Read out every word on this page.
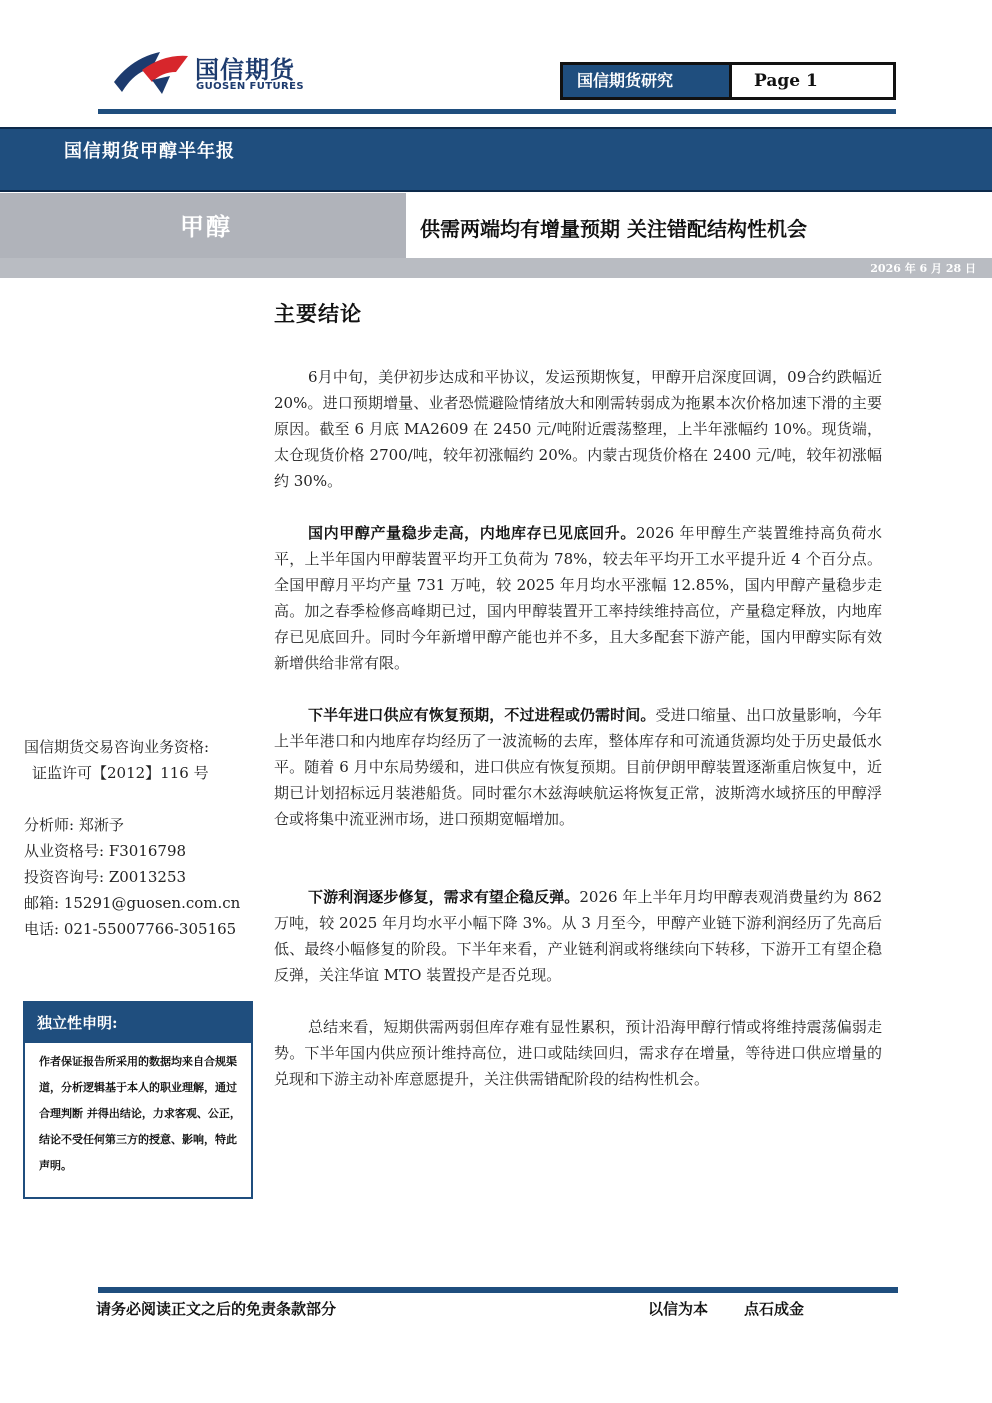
国信期货
GUOSEN FUTURES	国信期货研究	Page 1
国信期货甲醇半年报
甲醇	供需两端均有增量预期 关注错配结构性机会
2026 年 6 月 28 日
主要结论

6月中旬，美伊初步达成和平协议，发运预期恢复，甲醇开启深度回调，09合约跌幅近 20%。进口预期增量、业者恐慌避险情绪放大和刚需转弱成为拖累本次价格加速下滑的主要原因。截至 6 月底 MA2609 在 2450 元/吨附近震荡整理，上半年涨幅约 10%。现货端，太仓现货价格 2700/吨，较年初涨幅约 20%。内蒙古现货价格在 2400 元/吨，较年初涨幅约 30%。

国内甲醇产量稳步走高，内地库存已见底回升。2026 年甲醇生产装置维持高负荷水平，上半年国内甲醇装置平均开工负荷为 78%，较去年平均开工水平提升近 4 个百分点。全国甲醇月平均产量 731 万吨，较 2025 年月均水平涨幅 12.85%，国内甲醇产量稳步走高。加之春季检修高峰期已过，国内甲醇装置开工率持续维持高位，产量稳定释放，内地库存已见底回升。同时今年新增甲醇产能也并不多，且大多配套下游产能，国内甲醇实际有效新增供给非常有限。

下半年进口供应有恢复预期，不过进程或仍需时间。受进口缩量、出口放量影响，今年上半年港口和内地库存均经历了一波流畅的去库，整体库存和可流通货源均处于历史最低水平。随着 6 月中东局势缓和，进口供应有恢复预期。目前伊朗甲醇装置逐渐重启恢复中，近期已计划招标远月装港船货。同时霍尔木兹海峡航运将恢复正常，波斯湾水域挤压的甲醇浮仓或将集中流亚洲市场，进口预期宽幅增加。

下游利润逐步修复，需求有望企稳反弹。2026 年上半年月均甲醇表观消费量约为 862 万吨，较 2025 年月均水平小幅下降 3%。从 3 月至今，甲醇产业链下游利润经历了先高后低、最终小幅修复的阶段。下半年来看，产业链利润或将继续向下转移，下游开工有望企稳反弹，关注华谊 MTO 装置投产是否兑现。

总结来看，短期供需两弱但库存难有显性累积，预计沿海甲醇行情或将维持震荡偏弱走势。下半年国内供应预计维持高位，进口或陆续回归，需求存在增量，等待进口供应增量的兑现和下游主动补库意愿提升，关注供需错配阶段的结构性机会。

国信期货交易咨询业务资格:
证监许可【2012】116 号
分析师: 郑淅予
从业资格号: F3016798
投资咨询号: Z0013253
邮箱: 15291@guosen.com.cn
电话: 021-55007766-305165
独立性申明:
作者保证报告所采用的数据均来自合规渠道，分析逻辑基于本人的职业理解，通过合理判断 并得出结论，力求客观、公正，结论不受任何第三方的授意、影响，特此声明。
请务必阅读正文之后的免责条款部分	以信为本 点石成金
